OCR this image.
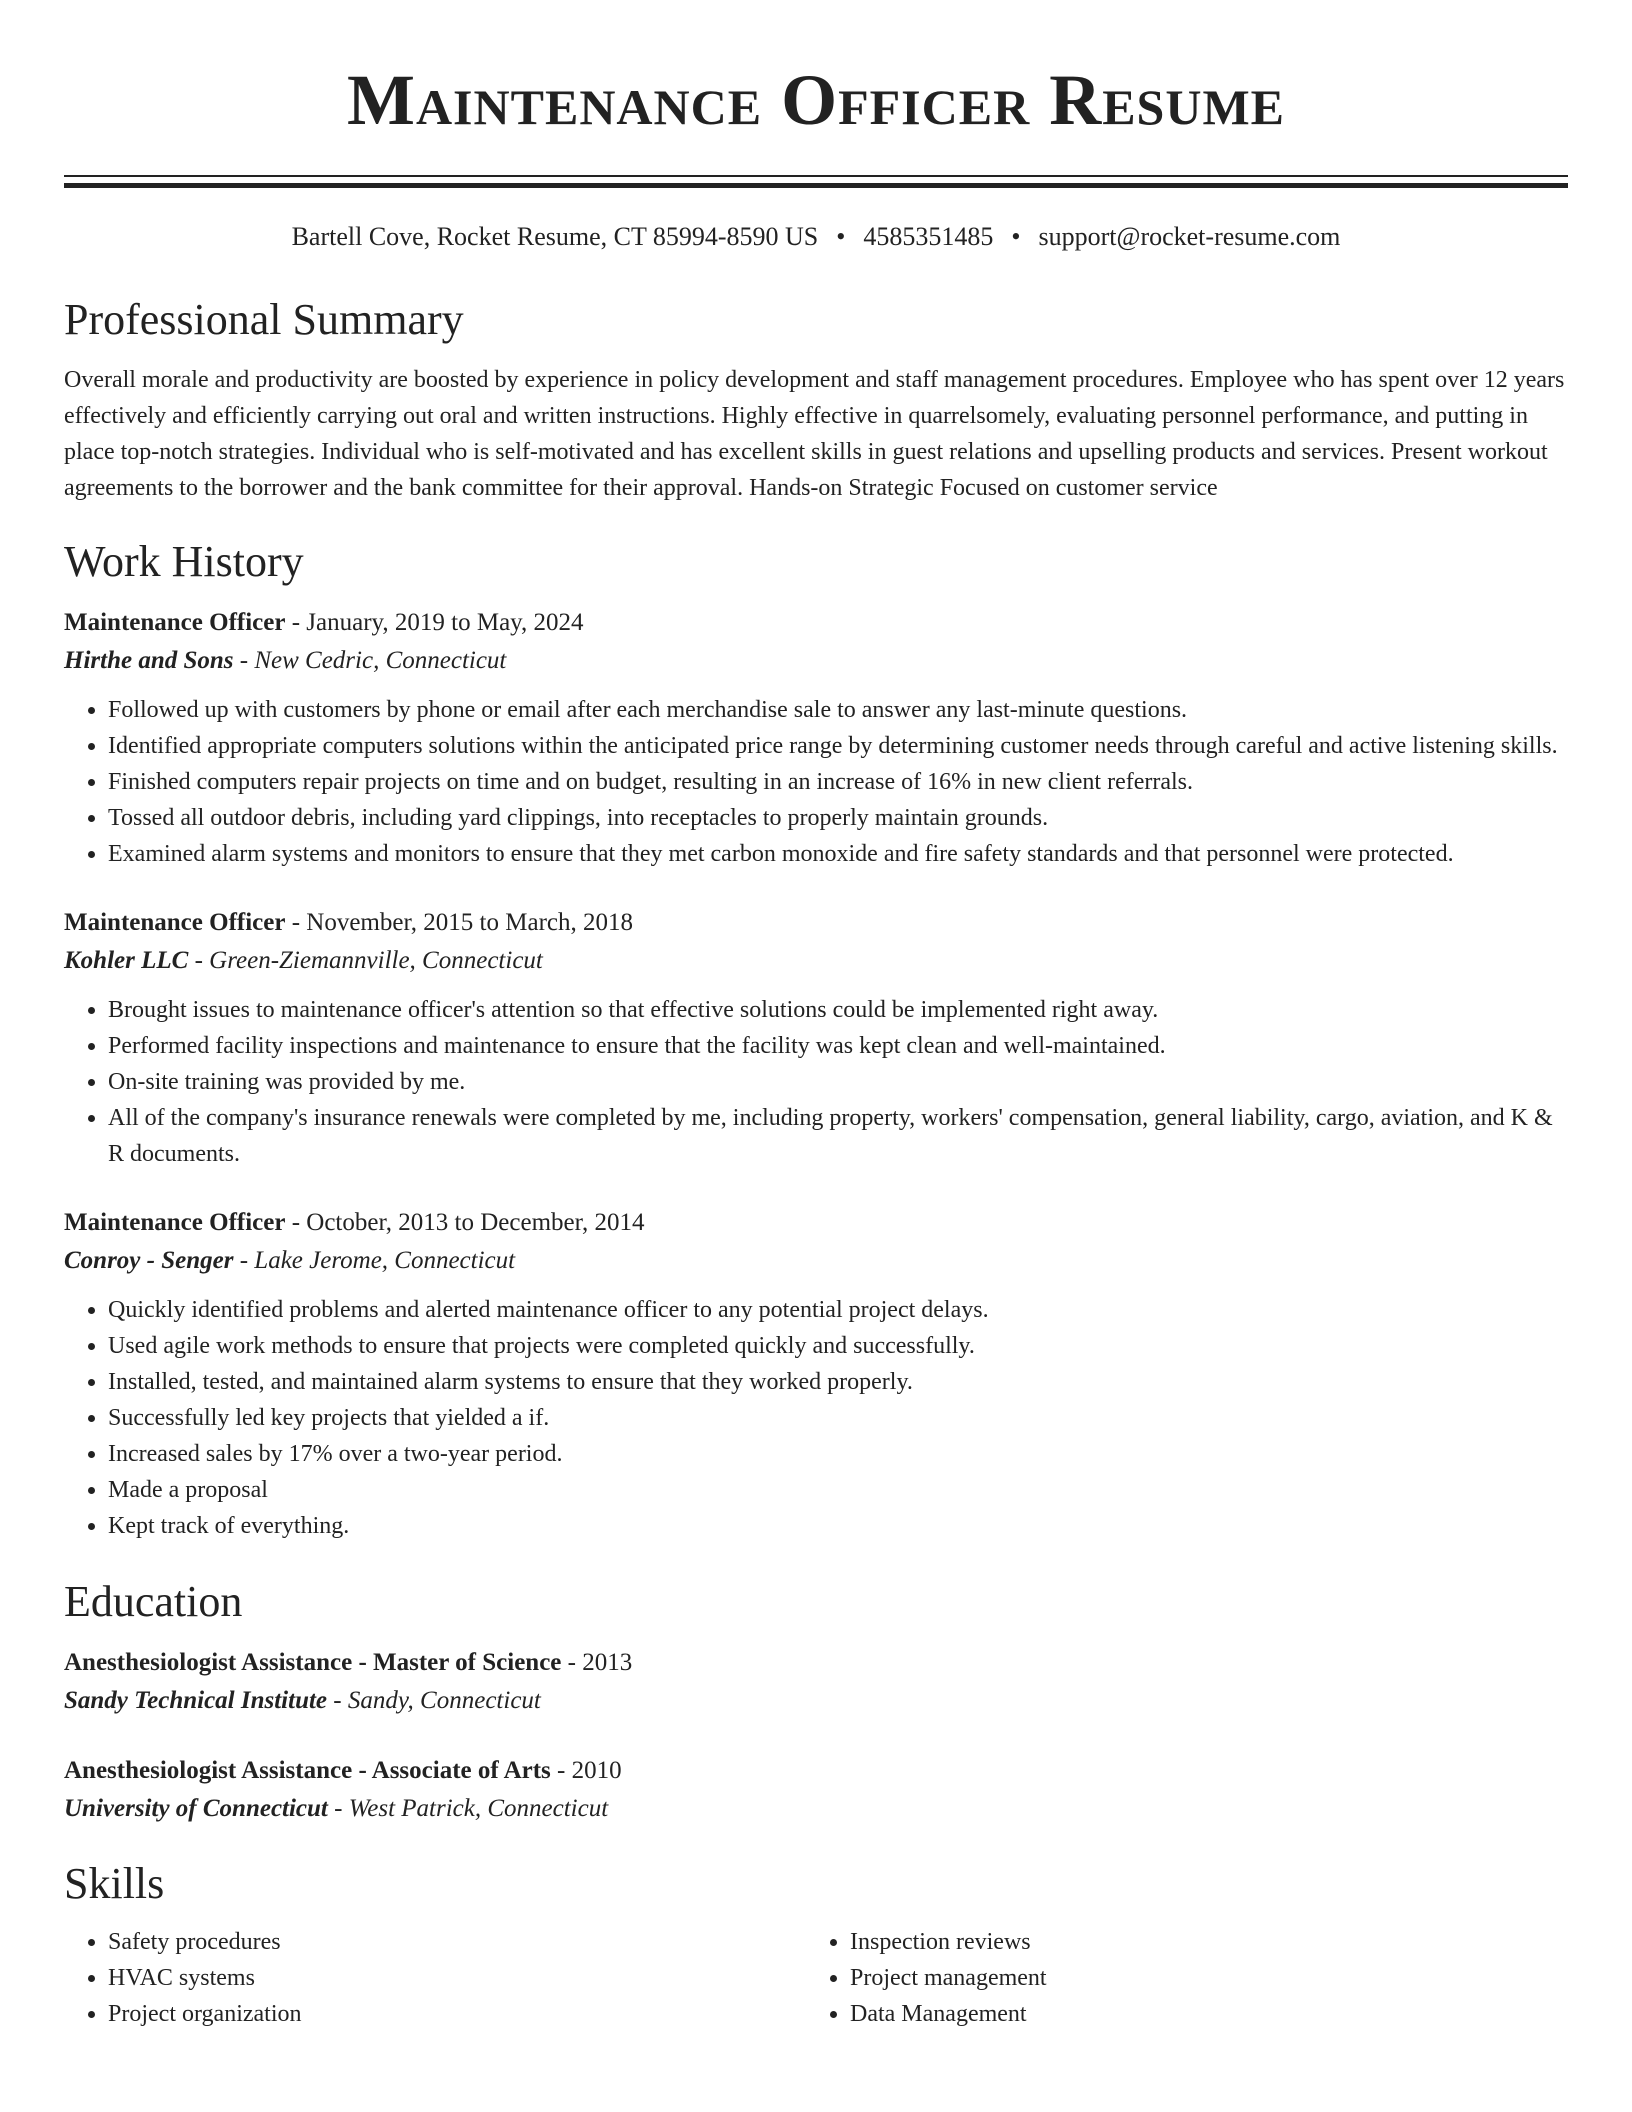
Maintenance Officer Resume
Bartell Cove, Rocket Resume, CT 85994-8590 US • 4585351485 • support@rocket-resume.com
Professional Summary

Overall morale and productivity are boosted by experience in policy development and staff management procedures. Employee who has spent over 12 years effectively and efficiently carrying out oral and written instructions. Highly effective in quarrelsomely, evaluating personnel performance, and putting in place top-notch strategies. Individual who is self-motivated and has excellent skills in guest relations and upselling products and services. Present workout agreements to the borrower and the bank committee for their approval. Hands-on Strategic Focused on customer service

Work History
Maintenance Officer - January, 2019 to May, 2024
Hirthe and Sons - New Cedric, Connecticut
• Followed up with customers by phone or email after each merchandise sale to answer any last-minute questions.
• Identified appropriate computers solutions within the anticipated price range by determining customer needs through careful and active listening skills.
• Finished computers repair projects on time and on budget, resulting in an increase of 16% in new client referrals.
• Tossed all outdoor debris, including yard clippings, into receptacles to properly maintain grounds.
• Examined alarm systems and monitors to ensure that they met carbon monoxide and fire safety standards and that personnel were protected.
Maintenance Officer - November, 2015 to March, 2018
Kohler LLC - Green-Ziemannville, Connecticut
• Brought issues to maintenance officer's attention so that effective solutions could be implemented right away.
• Performed facility inspections and maintenance to ensure that the facility was kept clean and well-maintained.
• On-site training was provided by me.
• All of the company's insurance renewals were completed by me, including property, workers' compensation, general liability, cargo, aviation, and K & R documents.
Maintenance Officer - October, 2013 to December, 2014
Conroy - Senger - Lake Jerome, Connecticut
• Quickly identified problems and alerted maintenance officer to any potential project delays.
• Used agile work methods to ensure that projects were completed quickly and successfully.
• Installed, tested, and maintained alarm systems to ensure that they worked properly.
• Successfully led key projects that yielded a if.
• Increased sales by 17% over a two-year period.
• Made a proposal
• Kept track of everything.
Education
Anesthesiologist Assistance - Master of Science - 2013
Sandy Technical Institute - Sandy, Connecticut
Anesthesiologist Assistance - Associate of Arts - 2010
University of Connecticut - West Patrick, Connecticut
Skills
• Safety procedures
• HVAC systems
• Project organization
• Inspection reviews
• Project management
• Data Management
